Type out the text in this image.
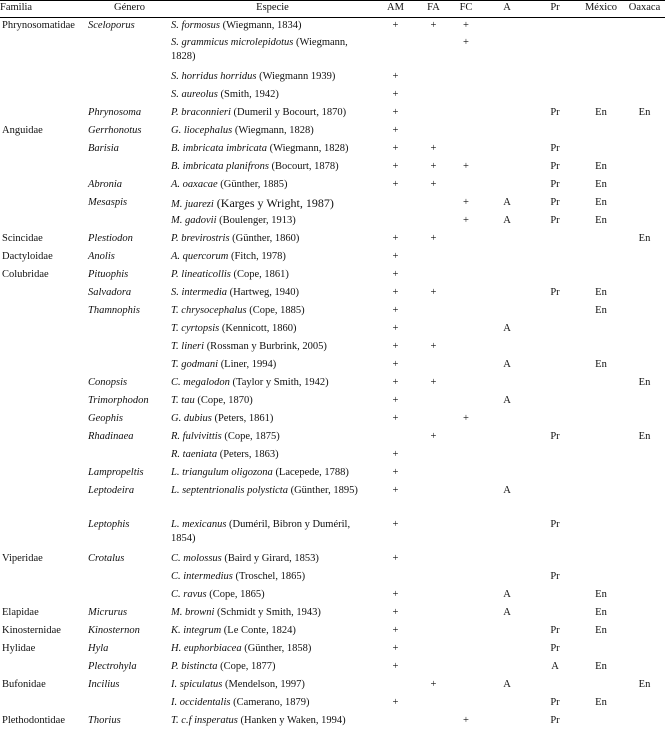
Familia	Género	Especie	AM	FA	FC	A	Pr	México	Oaxaca
Phrynosomatidae	Sceloporus	S. formosus (Wiegmann, 1834)	+	+	+				
		S. grammicus microlepidotus (Wiegmann, 1828)			+				
		S. horridus horridus (Wiegmann 1939)	+						
		S. aureolus (Smith, 1942)	+						
	Phrynosoma	P. braconnieri (Dumeril y Bocourt, 1870)	+				Pr	En	En
Anguidae	Gerrhonotus	G. liocephalus (Wiegmann, 1828)	+						
	Barisia	B. imbricata imbricata (Wiegmann, 1828)	+	+			Pr		
		B. imbricata planifrons (Bocourt, 1878)	+	+	+		Pr	En	
	Abronia	A. oaxacae (Günther, 1885)	+	+			Pr	En	
	Mesaspis	M. juarezi (Karges y Wright, 1987)			+	A	Pr	En	
		M. gadovii (Boulenger, 1913)			+	A	Pr	En	
Scincidae	Plestiodon	P. brevirostris (Günther, 1860)	+	+					En
Dactyloidae	Anolis	A. quercorum (Fitch, 1978)	+						
Colubridae	Pituophis	P. lineaticollis (Cope, 1861)	+						
	Salvadora	S. intermedia (Hartweg, 1940)	+	+			Pr	En	
	Thamnophis	T. chrysocephalus (Cope, 1885)	+					En	
		T. cyrtopsis (Kennicott, 1860)	+			A			
		T. lineri (Rossman y Burbrink, 2005)	+	+					
		T. godmani (Liner, 1994)	+			A		En	
	Conopsis	C. megalodon (Taylor y Smith, 1942)	+	+					En
	Trimorphodon	T. tau (Cope, 1870)	+			A			
	Geophis	G. dubius (Peters, 1861)	+		+				
	Rhadinaea	R. fulvivittis (Cope, 1875)		+			Pr		En
		R. taeniata (Peters, 1863)	+						
	Lampropeltis	L. triangulum oligozona (Lacepede, 1788)	+						
	Leptodeira	L. septentrionalis polysticta (Günther, 1895)	+			A			
	Leptophis	L. mexicanus (Duméril, Bibron y Duméril, 1854)	+				Pr		
Viperidae	Crotalus	C. molossus (Baird y Girard, 1853)	+						
		C. intermedius (Troschel, 1865)					Pr		
		C. ravus (Cope, 1865)	+			A		En	
Elapidae	Micrurus	M. browni (Schmidt y Smith, 1943)	+			A		En	
Kinosternidae	Kinosternon	K. integrum (Le Conte, 1824)	+				Pr	En	
Hylidae	Hyla	H. euphorbiacea (Günther, 1858)	+				Pr		
	Plectrohyla	P. bistincta (Cope, 1877)	+				A	En	
Bufonidae	Incilius	I. spiculatus (Mendelson, 1997)		+		A			En
		I. occidentalis (Camerano, 1879)	+				Pr	En	
Plethodontidae	Thorius	T. c.f insperatus (Hanken y Waken, 1994)			+		Pr		
